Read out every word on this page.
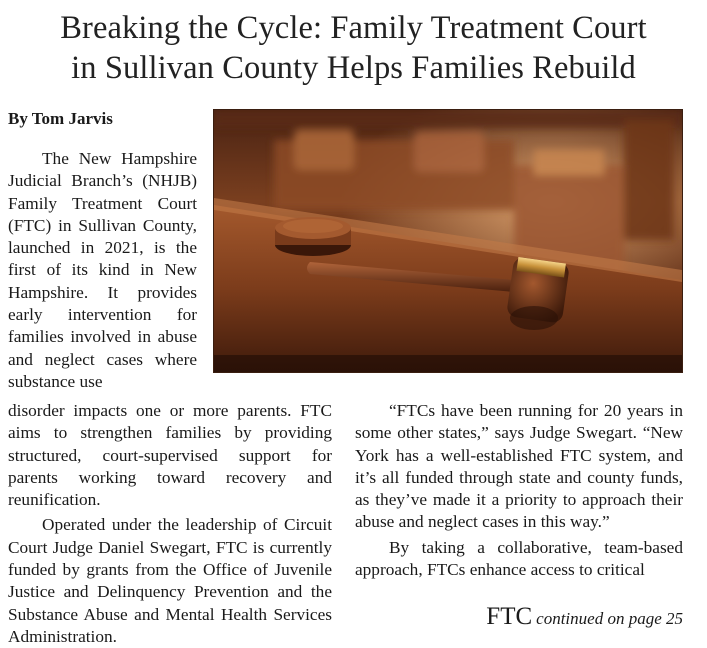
Breaking the Cycle: Family Treatment Court
in Sullivan County Helps Families Rebuild
By Tom Jarvis

The New Hampshire Judicial Branch’s (NHJB) Family Treatment Court (FTC) in Sullivan County, launched in 2021, is the first of its kind in New Hampshire. It provides early intervention for families involved in abuse and neglect cases where substance use

disorder impacts one or more parents. FTC aims to strengthen families by providing structured, court-supervised support for parents working toward recovery and reunification.

Operated under the leadership of Circuit Court Judge Daniel Swegart, FTC is currently funded by grants from the Office of Juvenile Justice and Delinquency Prevention and the Substance Abuse and Mental Health Services Administration.

“FTCs have been running for 20 years in some other states,” says Judge Swegart. “New York has a well-established FTC system, and it’s all funded through state and county funds, as they’ve made it a priority to approach their abuse and neglect cases in this way.”

By taking a collaborative, team-based approach, FTCs enhance access to critical

FTC continued on page 25
